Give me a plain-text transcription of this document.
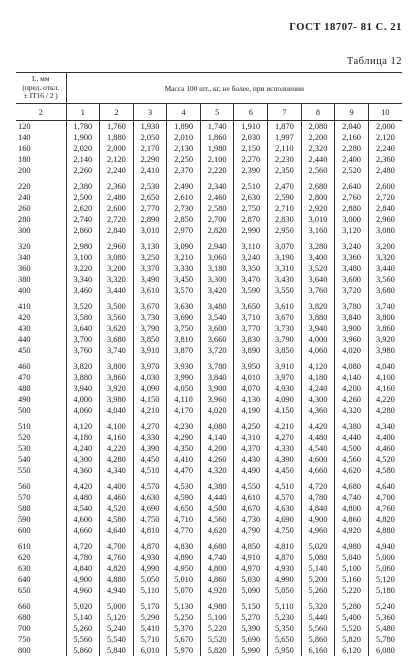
ГОСТ 18707- 81 С. 21
Таблица 12
L, мм
(пред. откл.
± IT16 / 2 )	Масса 100 шт., кг, не более, при исполнении									
2	1	2	3	4	5	6	7	8	9	10
120	1,780	1,760	1,930	1,890	1,740	1,910	1,870	2,080	2,040	2,000
140	1,900	1,880	2,050	2,010	1,860	2,030	1,997	2,200	2,160	2,120
160	2,020	2,000	2,170	2,130	1,980	2,150	2,110	2,320	2,280	2,240
180	2,140	2,120	2,290	2,250	2,100	2,270	2,230	2,440	2,400	2,360
200	2,260	2,240	2,410	2,370	2,220	2,390	2,350	2,560	2,520	2,480
220	2,380	2,360	2,530	2,490	2,340	2,510	2,470	2,680	2,640	2,600
240	2,500	2,480	2,650	2,610	2,460	2,630	2,590	2,800	2,760	2,720
260	2,620	2,600	2,770	2,730	2,580	2,750	2,710	2,920	2,880	2,840
280	2,740	2,720	2,890	2,850	2,700	2,870	2,830	3,010	3,000	2,960
300	2,860	2,840	3,010	2,970	2,820	2,990	2,950	3,160	3,120	3,080
320	2,980	2,960	3,130	3,090	2,940	3,110	3,070	3,280	3,240	3,200
340	3,100	3,080	3,250	3,210	3,060	3,240	3,190	3,400	3,360	3,320
360	3,220	3,200	3,370	3,330	3,180	3,350	3,310	3,520	3,480	3,440
380	3,340	3,320	3,490	3,450	3,300	3,470	3,430	3,640	3,600	3,560
400	3,460	3,440	3,610	3,570	3,420	3,590	3,550	3,760	3,720	3,680
410	3,520	3,500	3,670	3,630	3,480	3,650	3,610	3,820	3,780	3,740
420	3,580	3,560	3,730	3,690	3,540	3,710	3,670	3,880	3,840	3,800
430	3,640	3,620	3,790	3,750	3,600	3,770	3,730	3,940	3,900	3,860
440	3,700	3,680	3,850	3,810	3,660	3,830	3,790	4,000	3,960	3,920
450	3,760	3,740	3,910	3,870	3,720	3,890	3,850	4,060	4,020	3,980
460	3,820	3,800	3,970	3,930	3,780	3,950	3,910	4,120	4,080	4,040
470	3,880	3,860	4,030	3,990	3,840	4,010	3,970	4,180	4,140	4,100
480	3,940	3,920	4,090	4,050	3,900	4,070	4,030	4,240	4,200	4,160
490	4,000	3,980	4,150	4,110	3,960	4,130	4,090	4,300	4,260	4,220
500	4,060	4,040	4,210	4,170	4,020	4,190	4,150	4,360	4,320	4,280
510	4,120	4,100	4,270	4,230	4,080	4,250	4,210	4,420	4,380	4,340
520	4,180	4,160	4,330	4,290	4,140	4,310	4,270	4,480	4,440	4,400
530	4,240	4,220	4,390	4,350	4,200	4,370	4,330	4,540	4,500	4,460
540	4,300	4,280	4,450	4,410	4,260	4,430	4,390	4,600	4,560	4,520
550	4,360	4,340	4,510	4,470	4,320	4,490	4,450	4,660	4,620	4,580
560	4,420	4,400	4,570	4,530	4,380	4,550	4,510	4,720	4,680	4,640
570	4,480	4,460	4,630	4,590	4,440	4,610	4,570	4,780	4,740	4,700
580	4,540	4,520	4,690	4,650	4,500	4,670	4,630	4,840	4,800	4,760
590	4,600	4,580	4,750	4,710	4,560	4,730	4,690	4,900	4,860	4,820
600	4,660	4,640	4,810	4,770	4,620	4,790	4,750	4,960	4,920	4,880
610	4,720	4,700	4,870	4,830	4,680	4,850	4,810	5,020	4,980	4,940
620	4,780	4,760	4,930	4,890	4,740	4,910	4,870	5,080	5,040	5,000
630	4,840	4,820	4,990	4,950	4,800	4,970	4,930	5,140	5,100	5,060
640	4,900	4,880	5,050	5,010	4,860	5,030	4,990	5,200	5,160	5,120
650	4,960	4,940	5,110	5,070	4,920	5,090	5,050	5,260	5,220	5,180
660	5,020	5,000	5,170	5,130	4,980	5,150	5,110	5,320	5,280	5,240
680	5,140	5,120	5,290	5,250	5,100	5,270	5,230	5,440	5,400	5,360
700	5,260	5,240	5,410	5,370	5,220	5,390	5,350	5,560	5,520	5,480
750	5,560	5,540	5,710	5,670	5,520	5,690	5,650	5,860	5,820	5,780
800	5,860	5,840	6,010	5,970	5,820	5,990	5,950	6,160	6,120	6,080
